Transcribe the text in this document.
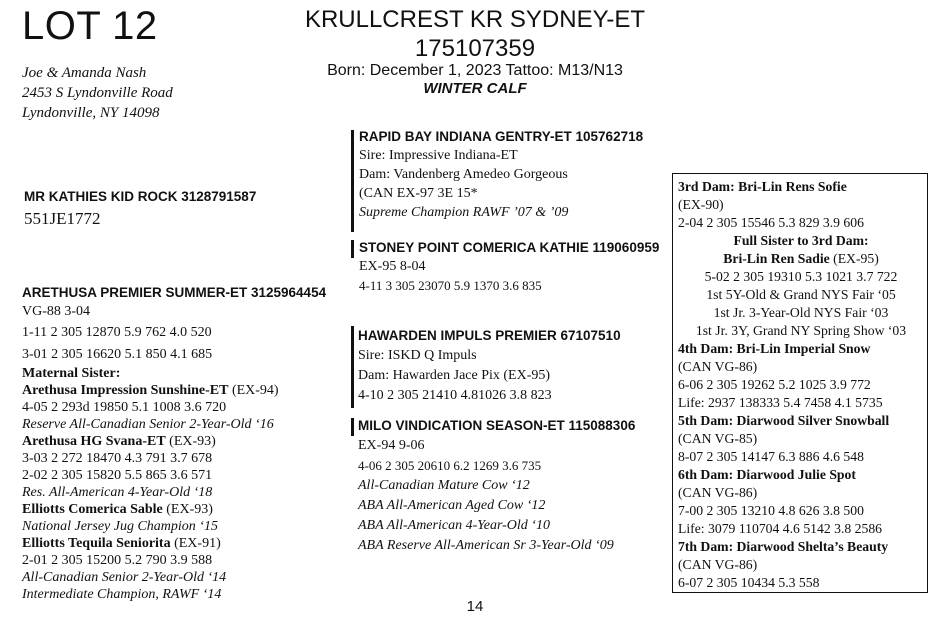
LOT 12	KRULLCREST KR SYDNEY-ET
175107359
Born: December 1, 2023 Tattoo: M13/N13
WINTER CALF
Joe & Amanda Nash
2453 S Lyndonville Road
Lyndonville, NY 14098
MR KATHIES KID ROCK 3128791587
551JE1772
RAPID BAY INDIANA GENTRY-ET 105762718
Sire: Impressive Indiana-ET
Dam: Vandenberg Amedeo Gorgeous
(CAN EX-97 3E 15*
Supreme Champion RAWF ’07 & ’09
STONEY POINT COMERICA KATHIE 119060959
EX-95 8-04
4-11 3 305 23070 5.9 1370 3.6 835
ARETHUSA PREMIER SUMMER-ET 3125964454
VG-88 3-04
1-11 2 305 12870 5.9 762 4.0 520
3-01 2 305 16620 5.1 850 4.1 685
Maternal Sister:
Arethusa Impression Sunshine-ET (EX-94)
4-05 2 293d 19850 5.1 1008 3.6 720
Reserve All-Canadian Senior 2-Year-Old ‘16
Arethusa HG Svana-ET (EX-93)
3-03 2 272 18470 4.3 791 3.7 678
2-02 2 305 15820 5.5 865 3.6 571
Res. All-American 4-Year-Old ‘18
Elliotts Comerica Sable (EX-93)
National Jersey Jug Champion ‘15
Elliotts Tequila Seniorita (EX-91)
2-01 2 305 15200 5.2 790 3.9 588
All-Canadian Senior 2-Year-Old ‘14
Intermediate Champion, RAWF ‘14
HAWARDEN IMPULS PREMIER 67107510
Sire: ISKD Q Impuls
Dam: Hawarden Jace Pix (EX-95)
4-10 2 305 21410 4.81026 3.8 823
MILO VINDICATION SEASON-ET 115088306
EX-94 9-06
4-06 2 305 20610 6.2 1269 3.6 735
All-Canadian Mature Cow ‘12
ABA All-American Aged Cow ‘12
ABA All-American 4-Year-Old ‘10
ABA Reserve All-American Sr 3-Year-Old ‘09
3rd Dam: Bri-Lin Rens Sofie
(EX-90)
2-04 2 305 15546 5.3 829 3.9 606
Full Sister to 3rd Dam:
Bri-Lin Ren Sadie (EX-95)
5-02 2 305 19310 5.3 1021 3.7 722
1st 5Y-Old & Grand NYS Fair ‘05
1st Jr. 3-Year-Old NYS Fair ‘03
1st Jr. 3Y, Grand NY Spring Show ‘03
4th Dam: Bri-Lin Imperial Snow
(CAN VG-86)
6-06 2 305 19262 5.2 1025 3.9 772
Life: 2937 138333 5.4 7458 4.1 5735
5th Dam: Diarwood Silver Snowball
(CAN VG-85)
8-07 2 305 14147 6.3 886 4.6 548
6th Dam: Diarwood Julie Spot
(CAN VG-86)
7-00 2 305 13210 4.8 626 3.8 500
Life: 3079 110704 4.6 5142 3.8 2586
7th Dam: Diarwood Shelta’s Beauty
(CAN VG-86)
6-07 2 305 10434 5.3 558
14
